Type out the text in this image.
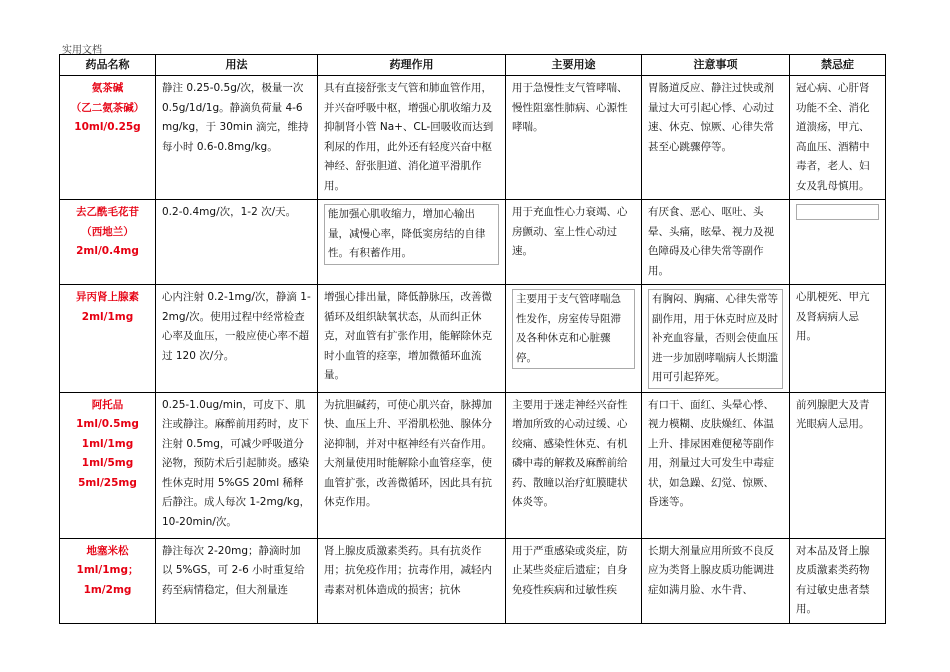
实用文档
药品名称	用法	药理作用	主要用途	注意事项	禁忌症

氨茶碱
（乙二氨茶碱）
10ml/0.25g	静注 0.25-0.5g/次，极量一次 0.5g/1d/1g。静滴负荷量 4-6mg/kg，于 30min 滴完，维持每小时 0.6-0.8mg/kg。	具有直接舒张支气管和肺血管作用，并兴奋呼吸中枢，增强心肌收缩力及抑制肾小管 Na+、CL-回吸收而达到利尿的作用，此外还有轻度兴奋中枢神经、舒张胆道、消化道平滑肌作用。	用于急慢性支气管哮喘、慢性阻塞性肺病、心源性哮喘。	胃肠道反应、静注过快或剂量过大可引起心悸、心动过速、休克、惊厥、心律失常甚至心跳骤停等。	冠心病、心肝肾功能不全、消化道溃疡，甲亢、高血压、酒精中毒者，老人、妇女及乳母慎用。

去乙酰毛花苷
（西地兰）
2ml/0.4mg	0.2-0.4mg/次，1-2 次/天。	能加强心肌收缩力，增加心输出量，减慢心率，降低窦房结的自律性。有积蓄作用。	用于充血性心力衰竭、心房颤动、室上性心动过速。	有厌食、恶心、呕吐、头晕、头痛，眩晕、视力及视色障碍及心律失常等副作用。	

异丙肾上腺素
2ml/1mg	心内注射 0.2-1mg/次，静滴 1-2mg/次。使用过程中经常检查心率及血压，一般应使心率不超过 120 次/分。	增强心排出量，降低静脉压，改善微循环及组织缺氧状态，从而纠正休克，对血管有扩张作用，能解除休克时小血管的痉挛，增加微循环血流量。	主要用于支气管哮喘急性发作，房室传导阻滞及各种休克和心脏骤停。	有胸闷、胸痛、心律失常等副作用，用于休克时应及时补充血容量，否则会使血压进一步加剧哮喘病人长期滥用可引起猝死。	心肌梗死、甲亢及肾病病人忌用。

阿托品
1ml/0.5mg
1ml/1mg
1ml/5mg
5ml/25mg	0.25-1.0ug/min，可皮下、肌注或静注。麻醉前用药时，皮下注射 0.5mg，可减少呼吸道分泌物，预防术后引起肺炎。感染性休克时用 5%GS 20ml 稀释后静注。成人每次 1-2mg/kg，10-20min/次。	为抗胆碱药，可使心肌兴奋，脉搏加快、血压上升、平滑肌松弛、腺体分泌抑制，并对中枢神经有兴奋作用。大剂量使用时能解除小血管痉挛，使血管扩张，改善微循环，因此具有抗休克作用。	主要用于迷走神经兴奋性增加所致的心动过缓、心绞痛、感染性休克、有机磷中毒的解救及麻醉前给药、散瞳以治疗虹膜睫状体炎等。	有口干、面红、头晕心悸、视力模糊、皮肤燥红、体温上升、排尿困难便秘等副作用，剂量过大可发生中毒症状，如急躁、幻觉、惊厥、昏迷等。	前列腺肥大及青光眼病人忌用。

地塞米松
1ml/1mg；
1m/2mg	静注每次 2-20mg；静滴时加以 5%GS，可 2-6 小时重复给药至病情稳定，但大剂量连	肾上腺皮质激素类药。具有抗炎作用；抗免疫作用；抗毒作用，减轻内毒素对机体造成的损害；抗休	用于严重感染或炎症，防止某些炎症后遗症；自身免疫性疾病和过敏性疾	长期大剂量应用所致不良反应为类肾上腺皮质功能调进症如满月脸、水牛背、	对本品及肾上腺皮质激素类药物有过敏史患者禁用。
